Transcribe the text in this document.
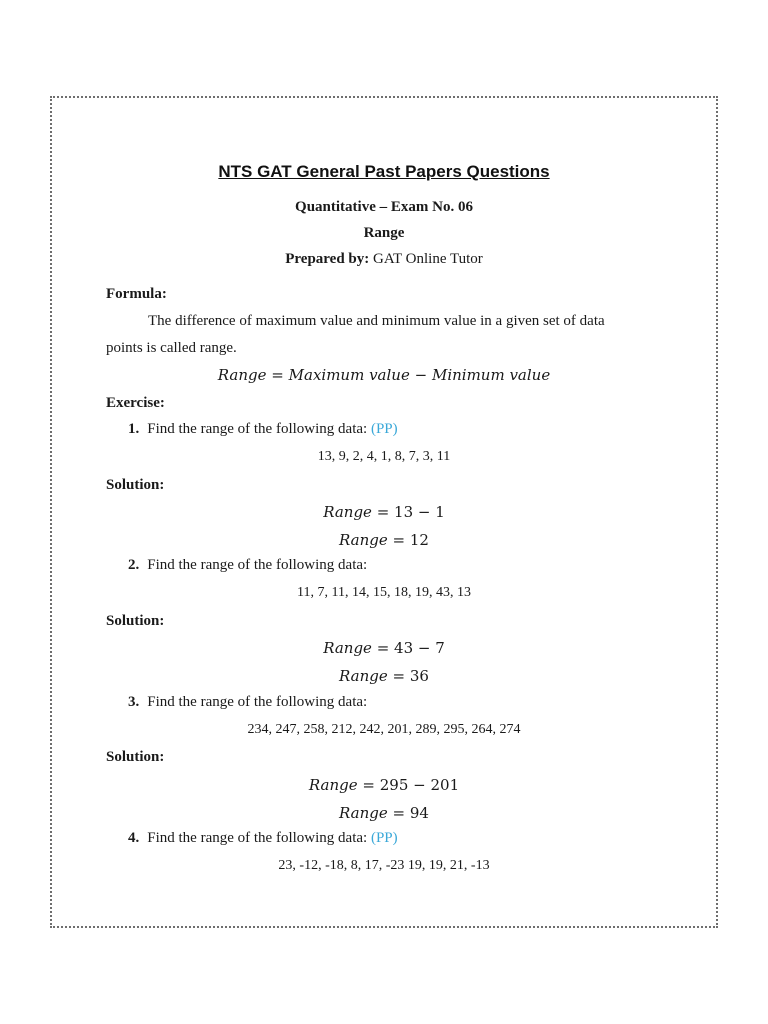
NTS GAT General Past Papers Questions
Quantitative – Exam No. 06
Range
Prepared by: GAT Online Tutor
Formula:
The difference of maximum value and minimum value in a given set of data
points is called range.
Range = Maximum value − Minimum value
Exercise:
1. Find the range of the following data: (PP)
13, 9, 2, 4, 1, 8, 7, 3, 11
Solution:
Range = 13 − 1
Range = 12
2. Find the range of the following data:
11, 7, 11, 14, 15, 18, 19, 43, 13
Solution:
Range = 43 − 7
Range = 36
3. Find the range of the following data:
234, 247, 258, 212, 242, 201, 289, 295, 264, 274
Solution:
Range = 295 − 201
Range = 94
4. Find the range of the following data: (PP)
23, -12, -18, 8, 17, -23 19, 19, 21, -13
